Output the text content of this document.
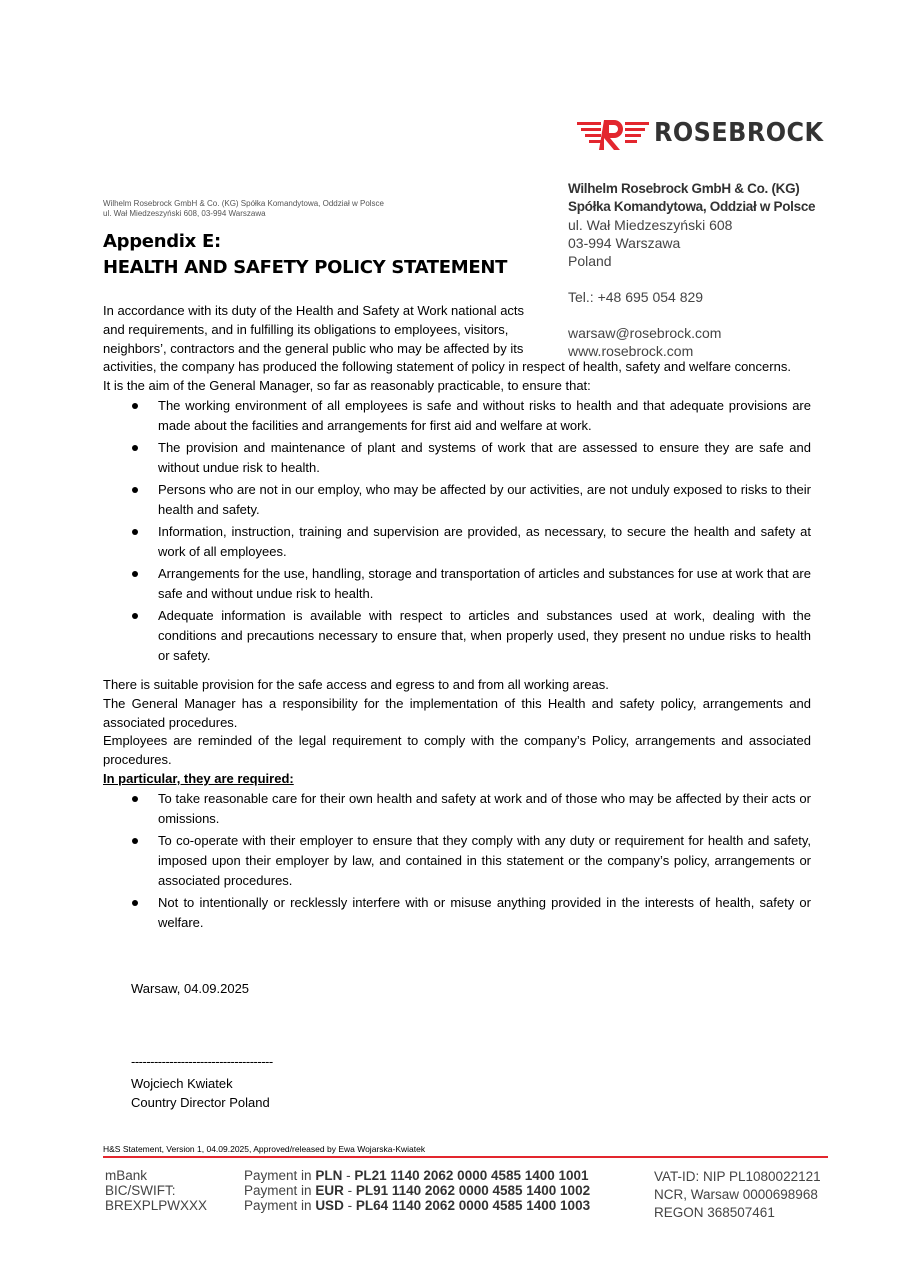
ROSEBROCK
Wilhelm Rosebrock GmbH & Co. (KG) Spółka Komandytowa, Oddział w Polsce
ul. Wał Miedzeszyński 608, 03-994 Warszawa
Wilhelm Rosebrock GmbH & Co. (KG)
Spółka Komandytowa, Oddział w Polsce
ul. Wał Miedzeszyński 608
03-994 Warszawa
Poland
Tel.: +48 695 054 829
warsaw@rosebrock.com
www.rosebrock.com
Appendix E:
HEALTH AND SAFETY POLICY STATEMENT
In accordance with its duty of the Health and Safety at Work national acts
and requirements, and in fulfilling its obligations to employees, visitors,
neighbors’, contractors and the general public who may be affected by its

activities, the company has produced the following statement of policy in respect of health, safety and welfare concerns.

It is the aim of the General Manager, so far as reasonably practicable, to ensure that:

The working environment of all employees is safe and without risks to health and that adequate provisions are made about the facilities and arrangements for first aid and welfare at work.
The provision and maintenance of plant and systems of work that are assessed to ensure they are safe and without undue risk to health.
Persons who are not in our employ, who may be affected by our activities, are not unduly exposed to risks to their health and safety.
Information, instruction, training and supervision are provided, as necessary, to secure the health and safety at work of all employees.
Arrangements for the use, handling, storage and transportation of articles and substances for use at work that are safe and without undue risk to health.
Adequate information is available with respect to articles and substances used at work, dealing with the conditions and precautions necessary to ensure that, when properly used, they present no undue risks to health or safety.

There is suitable provision for the safe access and egress to and from all working areas.

The General Manager has a responsibility for the implementation of this Health and safety policy, arrangements and associated procedures.

Employees are reminded of the legal requirement to comply with the company’s Policy, arrangements and associated procedures.

In particular, they are required:

To take reasonable care for their own health and safety at work and of those who may be affected by their acts or omissions.
To co-operate with their employer to ensure that they comply with any duty or requirement for health and safety, imposed upon their employer by law, and contained in this statement or the company’s policy, arrangements or associated procedures.
Not to intentionally or recklessly interfere with or misuse anything provided in the interests of health, safety or welfare.
Warsaw, 04.09.2025
-------------------------------------
Wojciech Kwiatek
Country Director Poland
H&S Statement, Version 1, 04.09.2025, Approved/released by Ewa Wojarska-Kwiatek
mBank
BIC/SWIFT:
BREXPLPWXXX
Payment in PLN - PL21 1140 2062 0000 4585 1400 1001
Payment in EUR - PL91 1140 2062 0000 4585 1400 1002
Payment in USD - PL64 1140 2062 0000 4585 1400 1003
VAT-ID: NIP PL1080022121
NCR, Warsaw 0000698968
REGON 368507461
